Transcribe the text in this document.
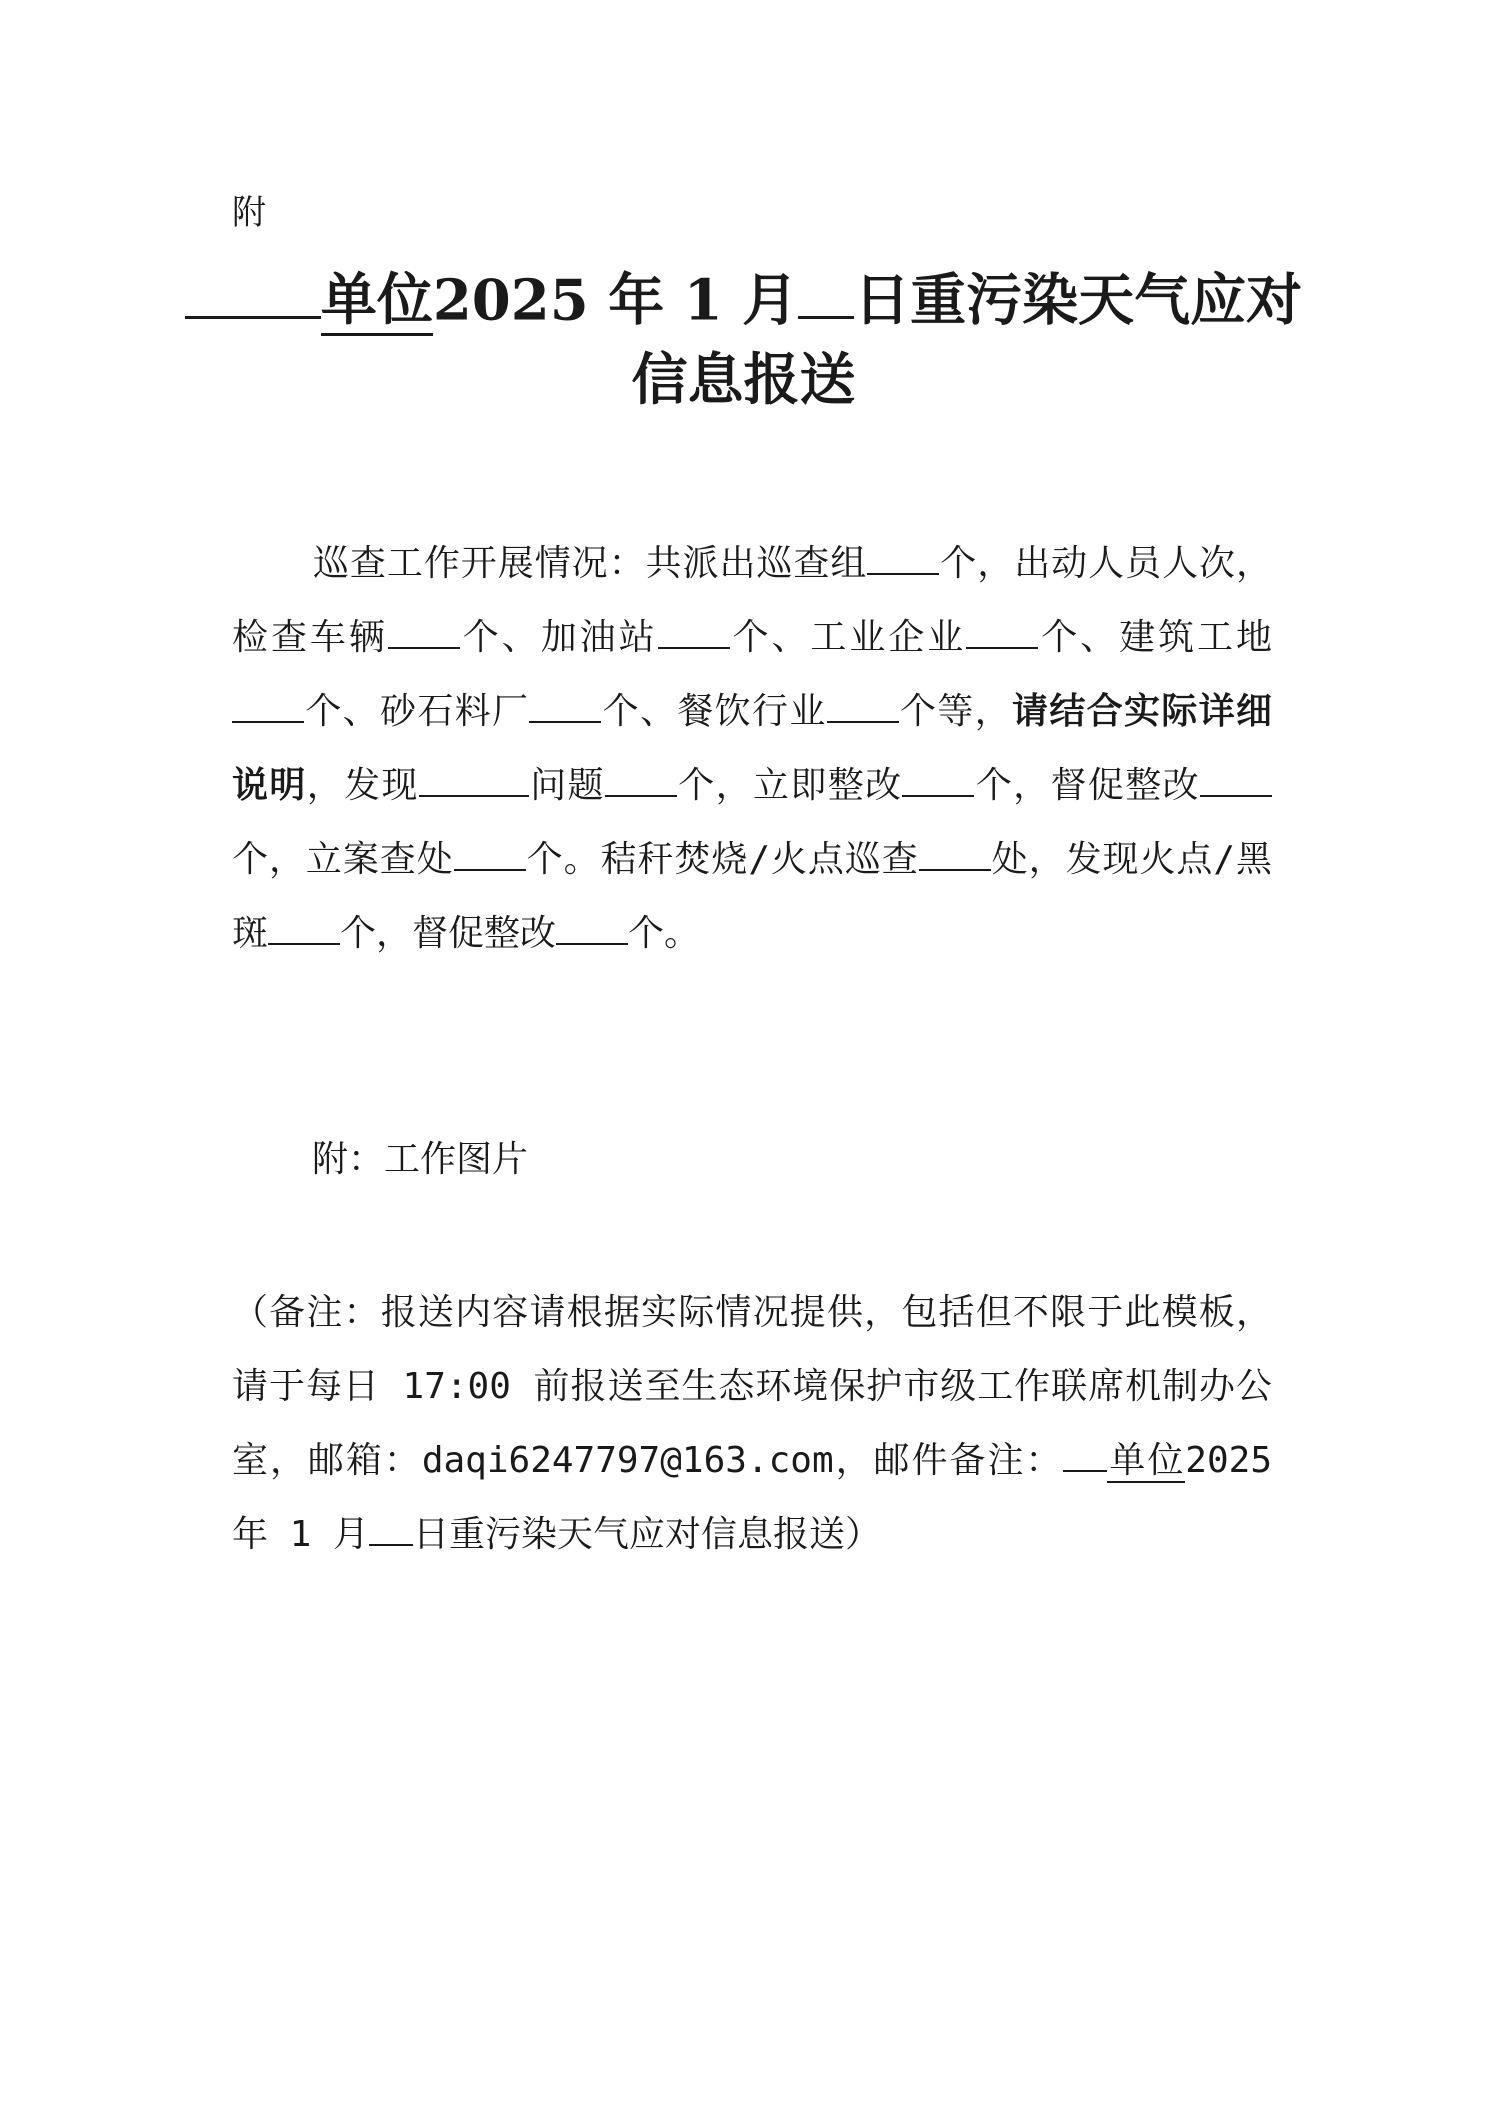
附
单位2025 年 1 月 日重污染天气应对
信息报送
巡查工作开展情况：共派出巡查组 个，出动人员人次，检查车辆 个、加油站 个、工业企业 个、建筑工地个、砂石料厂 个、餐饮行业 个等，请结合实际详细说明，发现	问题 个，立即整改 个，督促整改个，立案查处 个。秸秆焚烧/火点巡查 处，发现火点/黑斑 个，督促整改 个。
附：工作图片
（备注：报送内容请根据实际情况提供，包括但不限于此模板，请于每日 17:00 前报送至生态环境保护市级工作联席机制办公室，邮箱：daqi6247797@163.com，邮件备注： 单位2025 年 1 月 日重污染天气应对信息报送）
